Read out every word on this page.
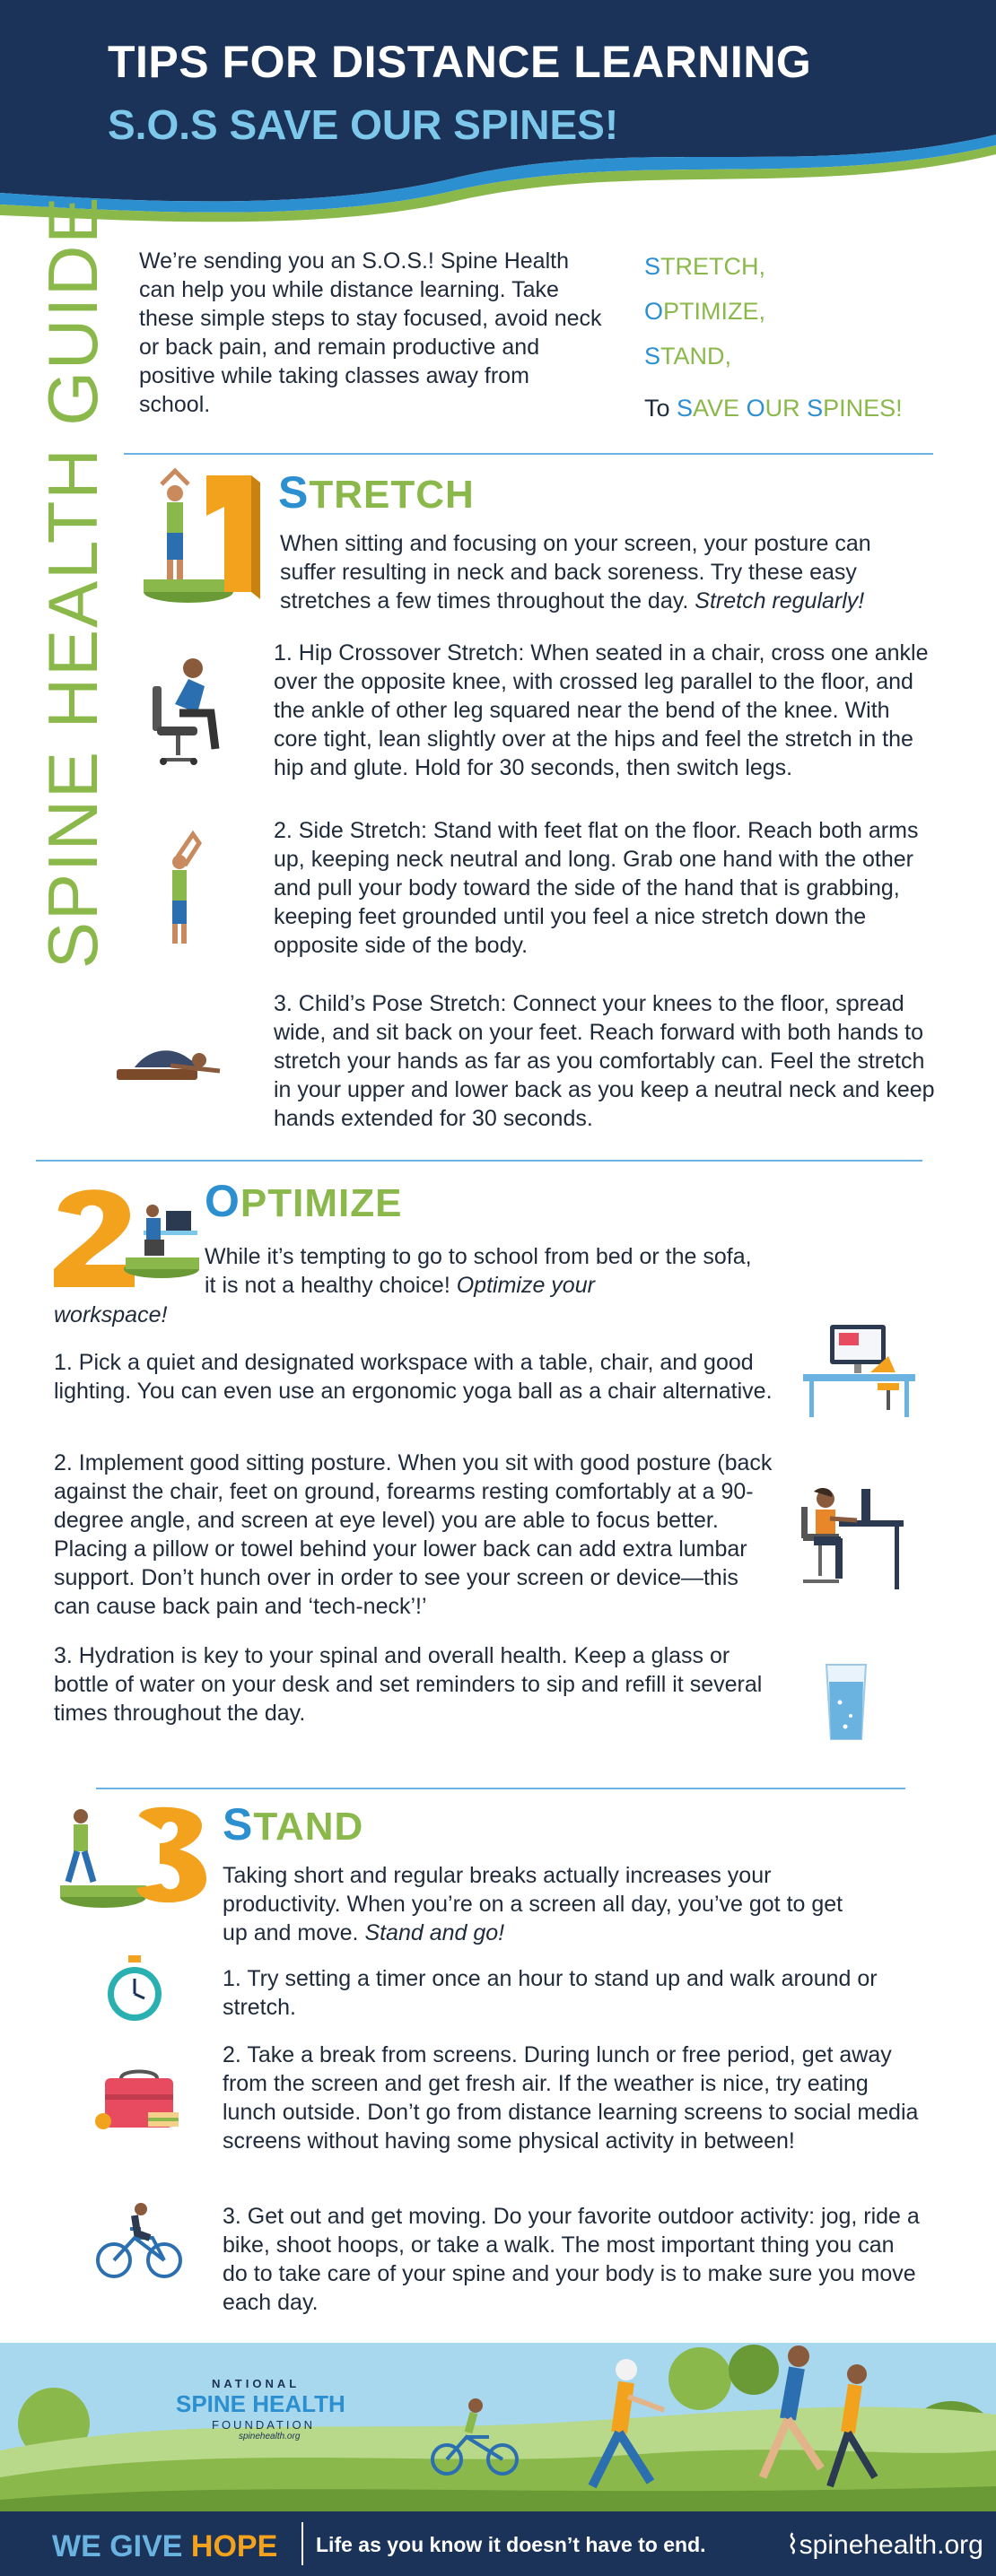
TIPS FOR DISTANCE LEARNING
S.O.S SAVE OUR SPINES!
SPINE HEALTH GUIDE We’re sending you an S.O.S.! Spine Health can help you while distance learning. Take these simple steps to stay focused, avoid neck or back pain, and remain productive and positive while taking classes away from school.
STRETCH,
OPTIMIZE,
STAND,
To SAVE OUR SPINES!
STRETCH
When sitting and focusing on your screen, your posture can suffer resulting in neck and back soreness. Try these easy stretches a few times throughout the day. Stretch regularly!
1. Hip Crossover Stretch: When seated in a chair, cross one ankle over the opposite knee, with crossed leg parallel to the floor, and the ankle of other leg squared near the bend of the knee. With core tight, lean slightly over at the hips and feel the stretch in the hip and glute. Hold for 30 seconds, then switch legs.
2. Side Stretch: Stand with feet flat on the floor. Reach both arms up, keeping neck neutral and long. Grab one hand with the other and pull your body toward the side of the hand that is grabbing, keeping feet grounded until you feel a nice stretch down the opposite side of the body.
3. Child’s Pose Stretch: Connect your knees to the floor, spread wide, and sit back on your feet. Reach forward with both hands to stretch your hands as far as you comfortably can. Feel the stretch in your upper and lower back as you keep a neutral neck and keep hands extended for 30 seconds.
OPTIMIZE
While it’s tempting to go to school from bed or the sofa, it is not a healthy choice! Optimize your
workspace!
1. Pick a quiet and designated workspace with a table, chair, and good lighting. You can even use an ergonomic yoga ball as a chair alternative.
2. Implement good sitting posture. When you sit with good posture (back against the chair, feet on ground, forearms resting comfortably at a 90-degree angle, and screen at eye level) you are able to focus better. Placing a pillow or towel behind your lower back can add extra lumbar support. Don’t hunch over in order to see your screen or device—this can cause back pain and ‘tech-neck’!’
3. Hydration is key to your spinal and overall health. Keep a glass or bottle of water on your desk and set reminders to sip and refill it several times throughout the day.
STAND
Taking short and regular breaks actually increases your productivity. When you’re on a screen all day, you’ve got to get up and move. Stand and go!
1. Try setting a timer once an hour to stand up and walk around or stretch.
2. Take a break from screens. During lunch or free period, get away from the screen and get fresh air. If the weather is nice, try eating lunch outside. Don’t go from distance learning screens to social media screens without having some physical activity in between!
3. Get out and get moving. Do your favorite outdoor activity: jog, ride a bike, shoot hoops, or take a walk. The most important thing you can do to take care of your spine and your body is to make sure you move each day.
NATIONAL
SPINE HEALTH
FOUNDATION
spinehealth.org
WE GIVE HOPE Life as you know it doesn’t have to end.	⌇spinehealth.org
